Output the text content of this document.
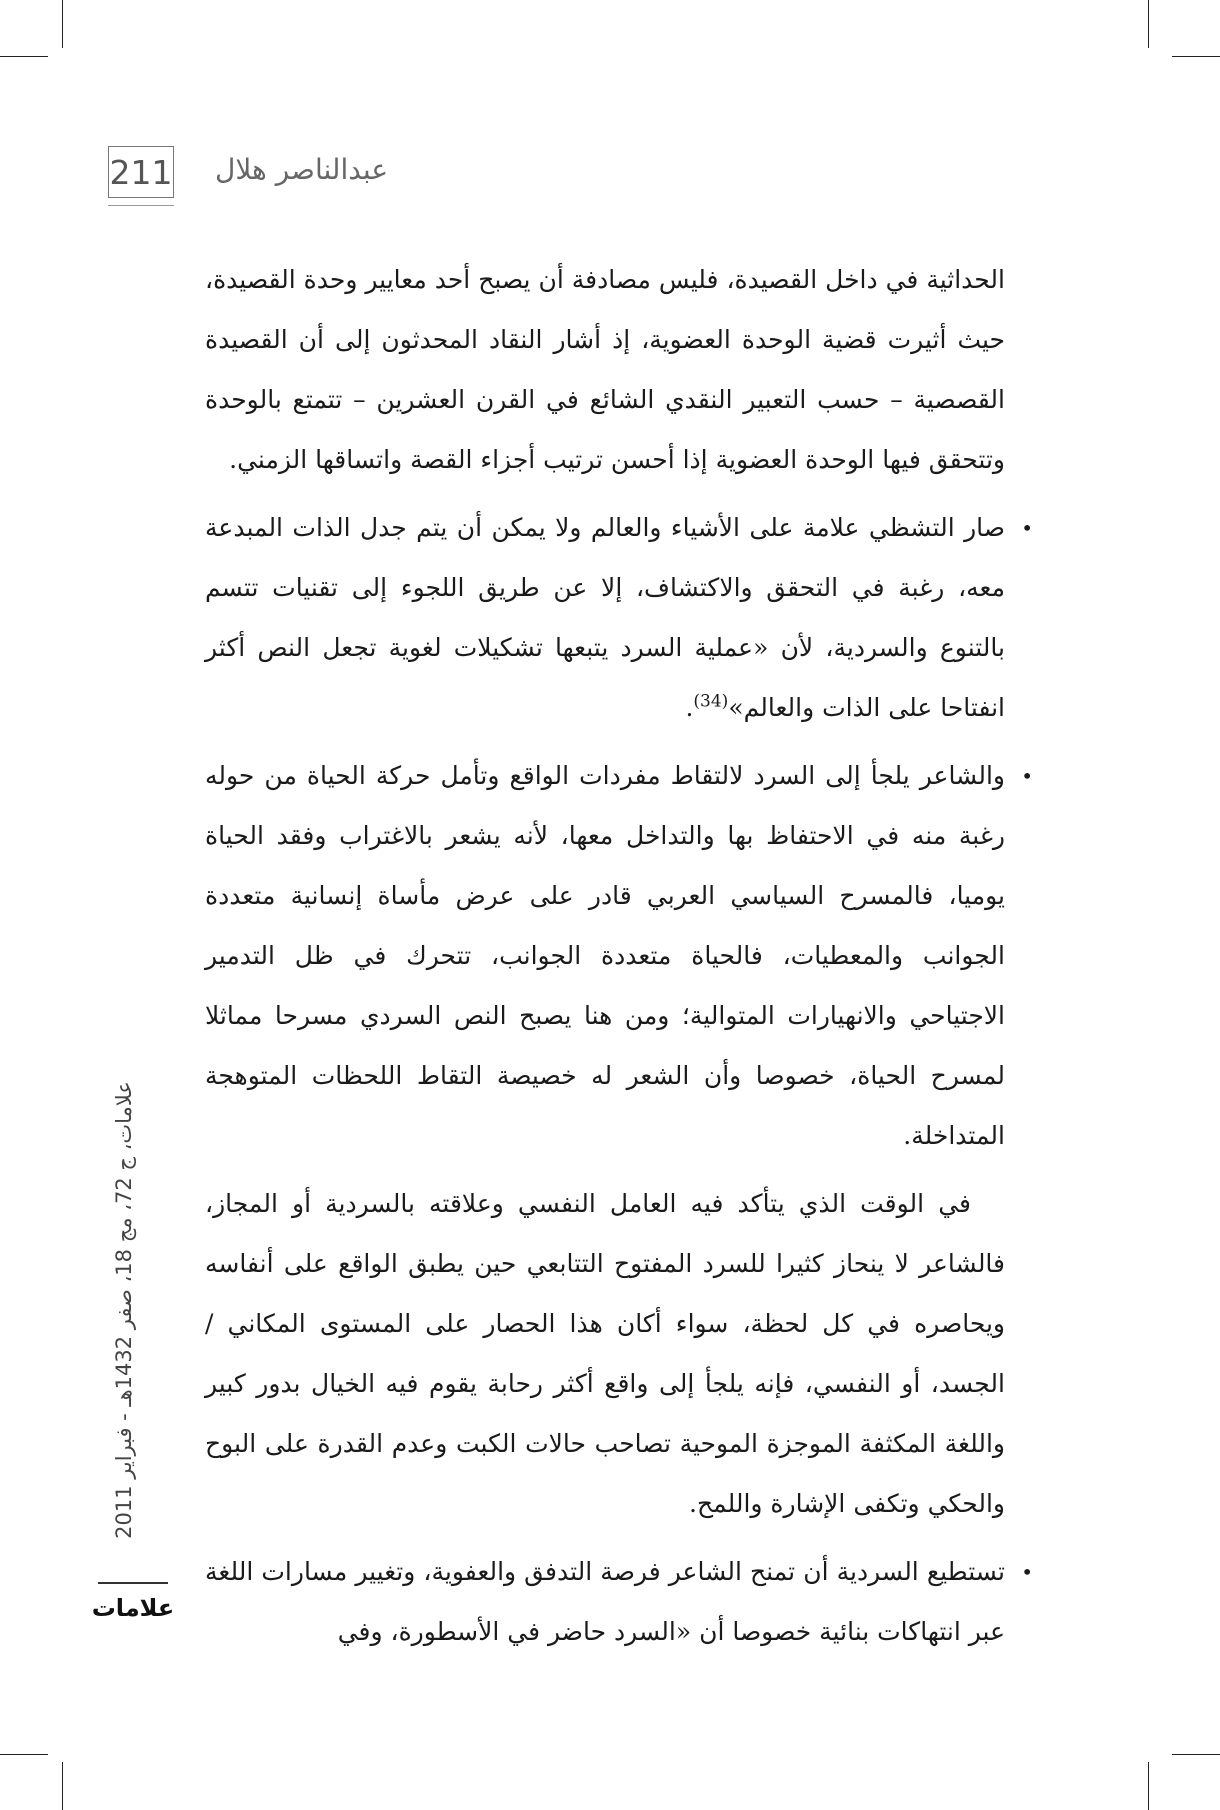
211 عبدالناصر هلال

الحداثية في داخل القصيدة، فليس مصادفة أن يصبح أحد معايير وحدة القصيدة، حيث أثيرت قضية الوحدة العضوية، إذ أشار النقاد المحدثون إلى أن القصيدة القصصية – حسب التعبير النقدي الشائع في القرن العشرين – تتمتع بالوحدة وتتحقق فيها الوحدة العضوية إذا أحسن ترتيب أجزاء القصة واتساقها الزمني.

•
صار التشظي علامة على الأشياء والعالم ولا يمكن أن يتم جدل الذات المبدعة معه، رغبة في التحقق والاكتشاف، إلا عن طريق اللجوء إلى تقنيات تتسم بالتنوع والسردية، لأن «عملية السرد يتبعها تشكيلات لغوية تجعل النص أكثر انفتاحا على الذات والعالم»$^{(34)}$.
•
والشاعر يلجأ إلى السرد لالتقاط مفردات الواقع وتأمل حركة الحياة من حوله رغبة منه في الاحتفاظ بها والتداخل معها، لأنه يشعر بالاغتراب وفقد الحياة يوميا، فالمسرح السياسي العربي قادر على عرض مأساة إنسانية متعددة الجوانب والمعطيات، فالحياة متعددة الجوانب، تتحرك في ظل التدمير الاجتياحي والانهيارات المتوالية؛ ومن هنا يصبح النص السردي مسرحا مماثلا لمسرح الحياة، خصوصا وأن الشعر له خصيصة التقاط اللحظات المتوهجة المتداخلة.

في الوقت الذي يتأكد فيه العامل النفسي وعلاقته بالسردية أو المجاز، فالشاعر لا ينحاز كثيرا للسرد المفتوح التتابعي حين يطبق الواقع على أنفاسه ويحاصره في كل لحظة، سواء أكان هذا الحصار على المستوى المكاني / الجسد، أو النفسي، فإنه يلجأ إلى واقع أكثر رحابة يقوم فيه الخيال بدور كبير واللغة المكثفة الموجزة الموحية تصاحب حالات الكبت وعدم القدرة على البوح والحكي وتكفى الإشارة واللمح.

•
تستطيع السردية أن تمنح الشاعر فرصة التدفق والعفوية، وتغيير مسارات اللغة عبر انتهاكات بنائية خصوصا أن «السرد حاضر في الأسطورة، وفي
علامات، ج 72، مج 18، صفر 1432هـ - فبراير 2011
علامات
